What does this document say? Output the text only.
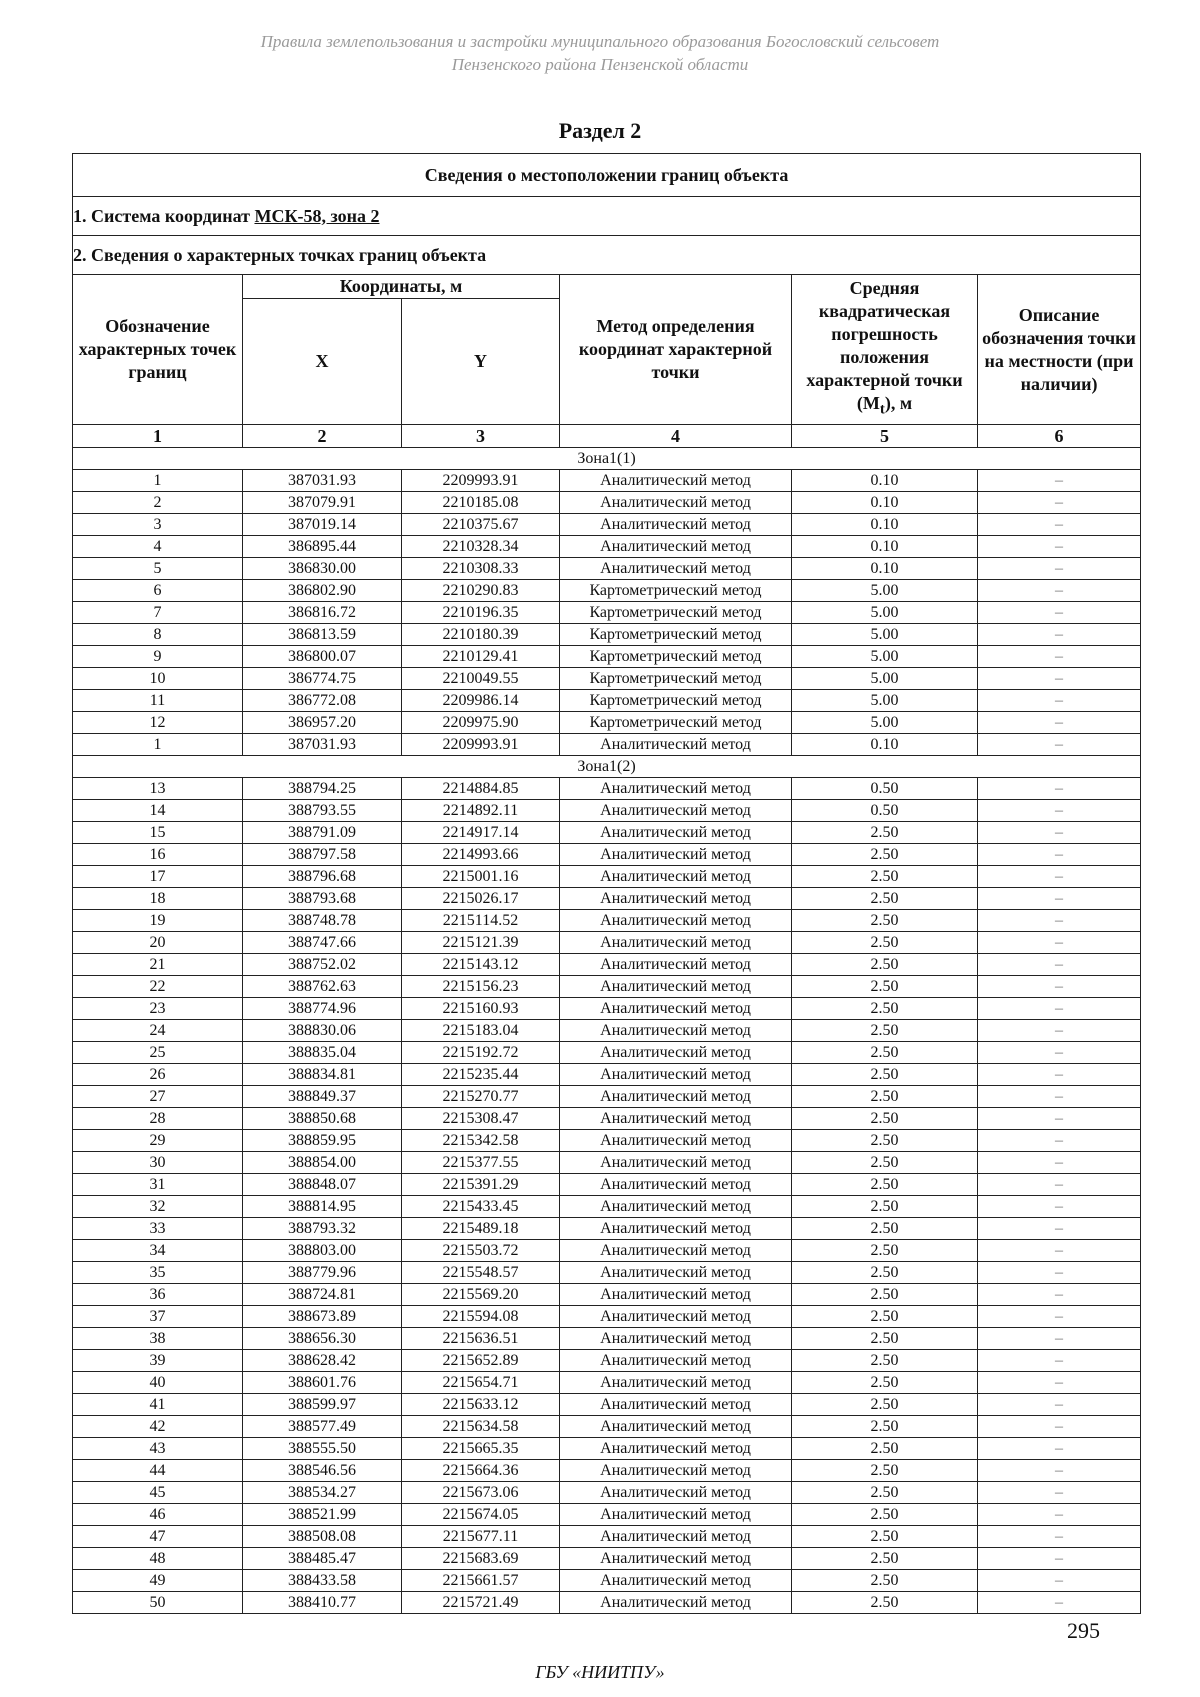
Правила землепользования и застройки муниципального образования Богословский сельсовет
Пензенского района Пензенской области
Раздел 2
Сведения о местоположении границ объекта					
1. Система координат МСК-58, зона 2					
2. Сведения о характерных точках границ объекта					
Обозначение характерных точек границ	Координаты, м		Метод определения координат характерной точки	Средняя квадратическая погрешность положения характерной точки $(M_t)$, м	Описание обозначения точки на местности (при наличии)
	X	Y			
1	2	3	4	5	6
Зона1(1)					
1	387031.93	2209993.91	Аналитический метод	0.10	–
2	387079.91	2210185.08	Аналитический метод	0.10	–
3	387019.14	2210375.67	Аналитический метод	0.10	–
4	386895.44	2210328.34	Аналитический метод	0.10	–
5	386830.00	2210308.33	Аналитический метод	0.10	–
6	386802.90	2210290.83	Картометрический метод	5.00	–
7	386816.72	2210196.35	Картометрический метод	5.00	–
8	386813.59	2210180.39	Картометрический метод	5.00	–
9	386800.07	2210129.41	Картометрический метод	5.00	–
10	386774.75	2210049.55	Картометрический метод	5.00	–
11	386772.08	2209986.14	Картометрический метод	5.00	–
12	386957.20	2209975.90	Картометрический метод	5.00	–
1	387031.93	2209993.91	Аналитический метод	0.10	–
Зона1(2)					
13	388794.25	2214884.85	Аналитический метод	0.50	–
14	388793.55	2214892.11	Аналитический метод	0.50	–
15	388791.09	2214917.14	Аналитический метод	2.50	–
16	388797.58	2214993.66	Аналитический метод	2.50	–
17	388796.68	2215001.16	Аналитический метод	2.50	–
18	388793.68	2215026.17	Аналитический метод	2.50	–
19	388748.78	2215114.52	Аналитический метод	2.50	–
20	388747.66	2215121.39	Аналитический метод	2.50	–
21	388752.02	2215143.12	Аналитический метод	2.50	–
22	388762.63	2215156.23	Аналитический метод	2.50	–
23	388774.96	2215160.93	Аналитический метод	2.50	–
24	388830.06	2215183.04	Аналитический метод	2.50	–
25	388835.04	2215192.72	Аналитический метод	2.50	–
26	388834.81	2215235.44	Аналитический метод	2.50	–
27	388849.37	2215270.77	Аналитический метод	2.50	–
28	388850.68	2215308.47	Аналитический метод	2.50	–
29	388859.95	2215342.58	Аналитический метод	2.50	–
30	388854.00	2215377.55	Аналитический метод	2.50	–
31	388848.07	2215391.29	Аналитический метод	2.50	–
32	388814.95	2215433.45	Аналитический метод	2.50	–
33	388793.32	2215489.18	Аналитический метод	2.50	–
34	388803.00	2215503.72	Аналитический метод	2.50	–
35	388779.96	2215548.57	Аналитический метод	2.50	–
36	388724.81	2215569.20	Аналитический метод	2.50	–
37	388673.89	2215594.08	Аналитический метод	2.50	–
38	388656.30	2215636.51	Аналитический метод	2.50	–
39	388628.42	2215652.89	Аналитический метод	2.50	–
40	388601.76	2215654.71	Аналитический метод	2.50	–
41	388599.97	2215633.12	Аналитический метод	2.50	–
42	388577.49	2215634.58	Аналитический метод	2.50	–
43	388555.50	2215665.35	Аналитический метод	2.50	–
44	388546.56	2215664.36	Аналитический метод	2.50	–
45	388534.27	2215673.06	Аналитический метод	2.50	–
46	388521.99	2215674.05	Аналитический метод	2.50	–
47	388508.08	2215677.11	Аналитический метод	2.50	–
48	388485.47	2215683.69	Аналитический метод	2.50	–
49	388433.58	2215661.57	Аналитический метод	2.50	–
50	388410.77	2215721.49	Аналитический метод	2.50	–
295
ГБУ «НИИТПУ»
